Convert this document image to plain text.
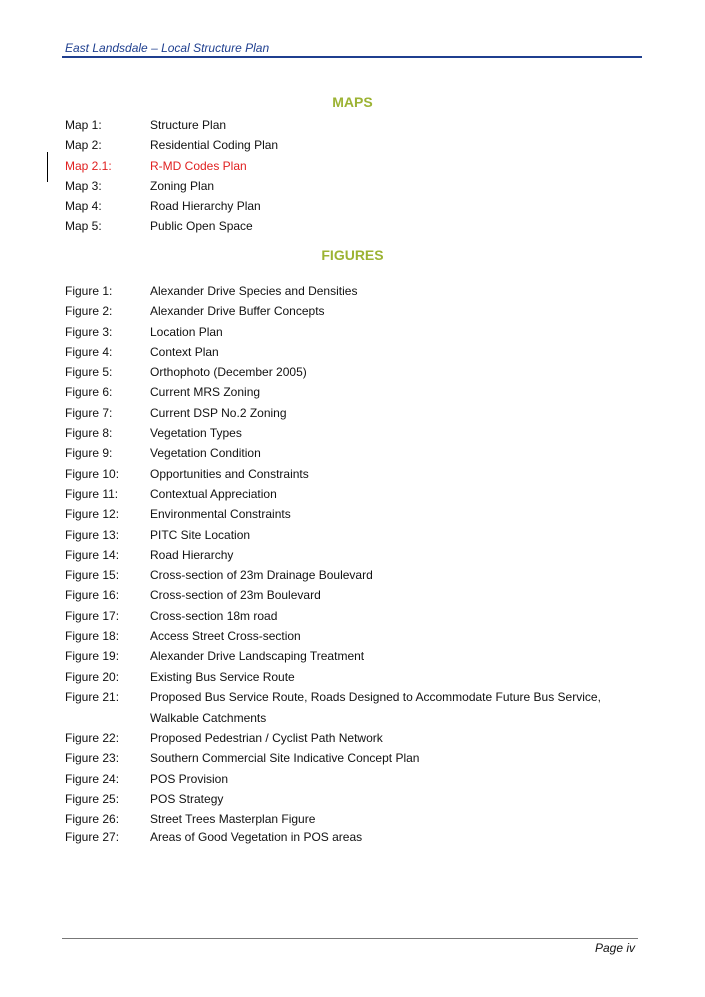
East Landsdale – Local Structure Plan
MAPS
Map 1:	Structure Plan
Map 2:	Residential Coding Plan
Map 2.1:	R-MD Codes Plan
Map 3:	Zoning Plan
Map 4:	Road Hierarchy Plan
Map 5:	Public Open Space
FIGURES
Figure 1:	Alexander Drive Species and Densities
Figure 2:	Alexander Drive Buffer Concepts
Figure 3:	Location Plan
Figure 4:	Context Plan
Figure 5:	Orthophoto (December 2005)
Figure 6:	Current MRS Zoning
Figure 7:	Current DSP No.2 Zoning
Figure 8:	Vegetation Types
Figure 9:	Vegetation Condition
Figure 10:	Opportunities and Constraints
Figure 11:	Contextual Appreciation
Figure 12:	Environmental Constraints
Figure 13:	PITC Site Location
Figure 14:	Road Hierarchy
Figure 15:	Cross-section of 23m Drainage Boulevard
Figure 16:	Cross-section of 23m Boulevard
Figure 17:	Cross-section 18m road
Figure 18:	Access Street Cross-section
Figure 19:	Alexander Drive Landscaping Treatment
Figure 20:	Existing Bus Service Route
Figure 21:	Proposed Bus Service Route, Roads Designed to Accommodate Future Bus Service, Walkable Catchments
Figure 22:	Proposed Pedestrian / Cyclist Path Network
Figure 23:	Southern Commercial Site Indicative Concept Plan
Figure 24:	POS Provision
Figure 25:	POS Strategy
Figure 26:	Street Trees Masterplan Figure
Figure 27:	Areas of Good Vegetation in POS areas
Page iv
